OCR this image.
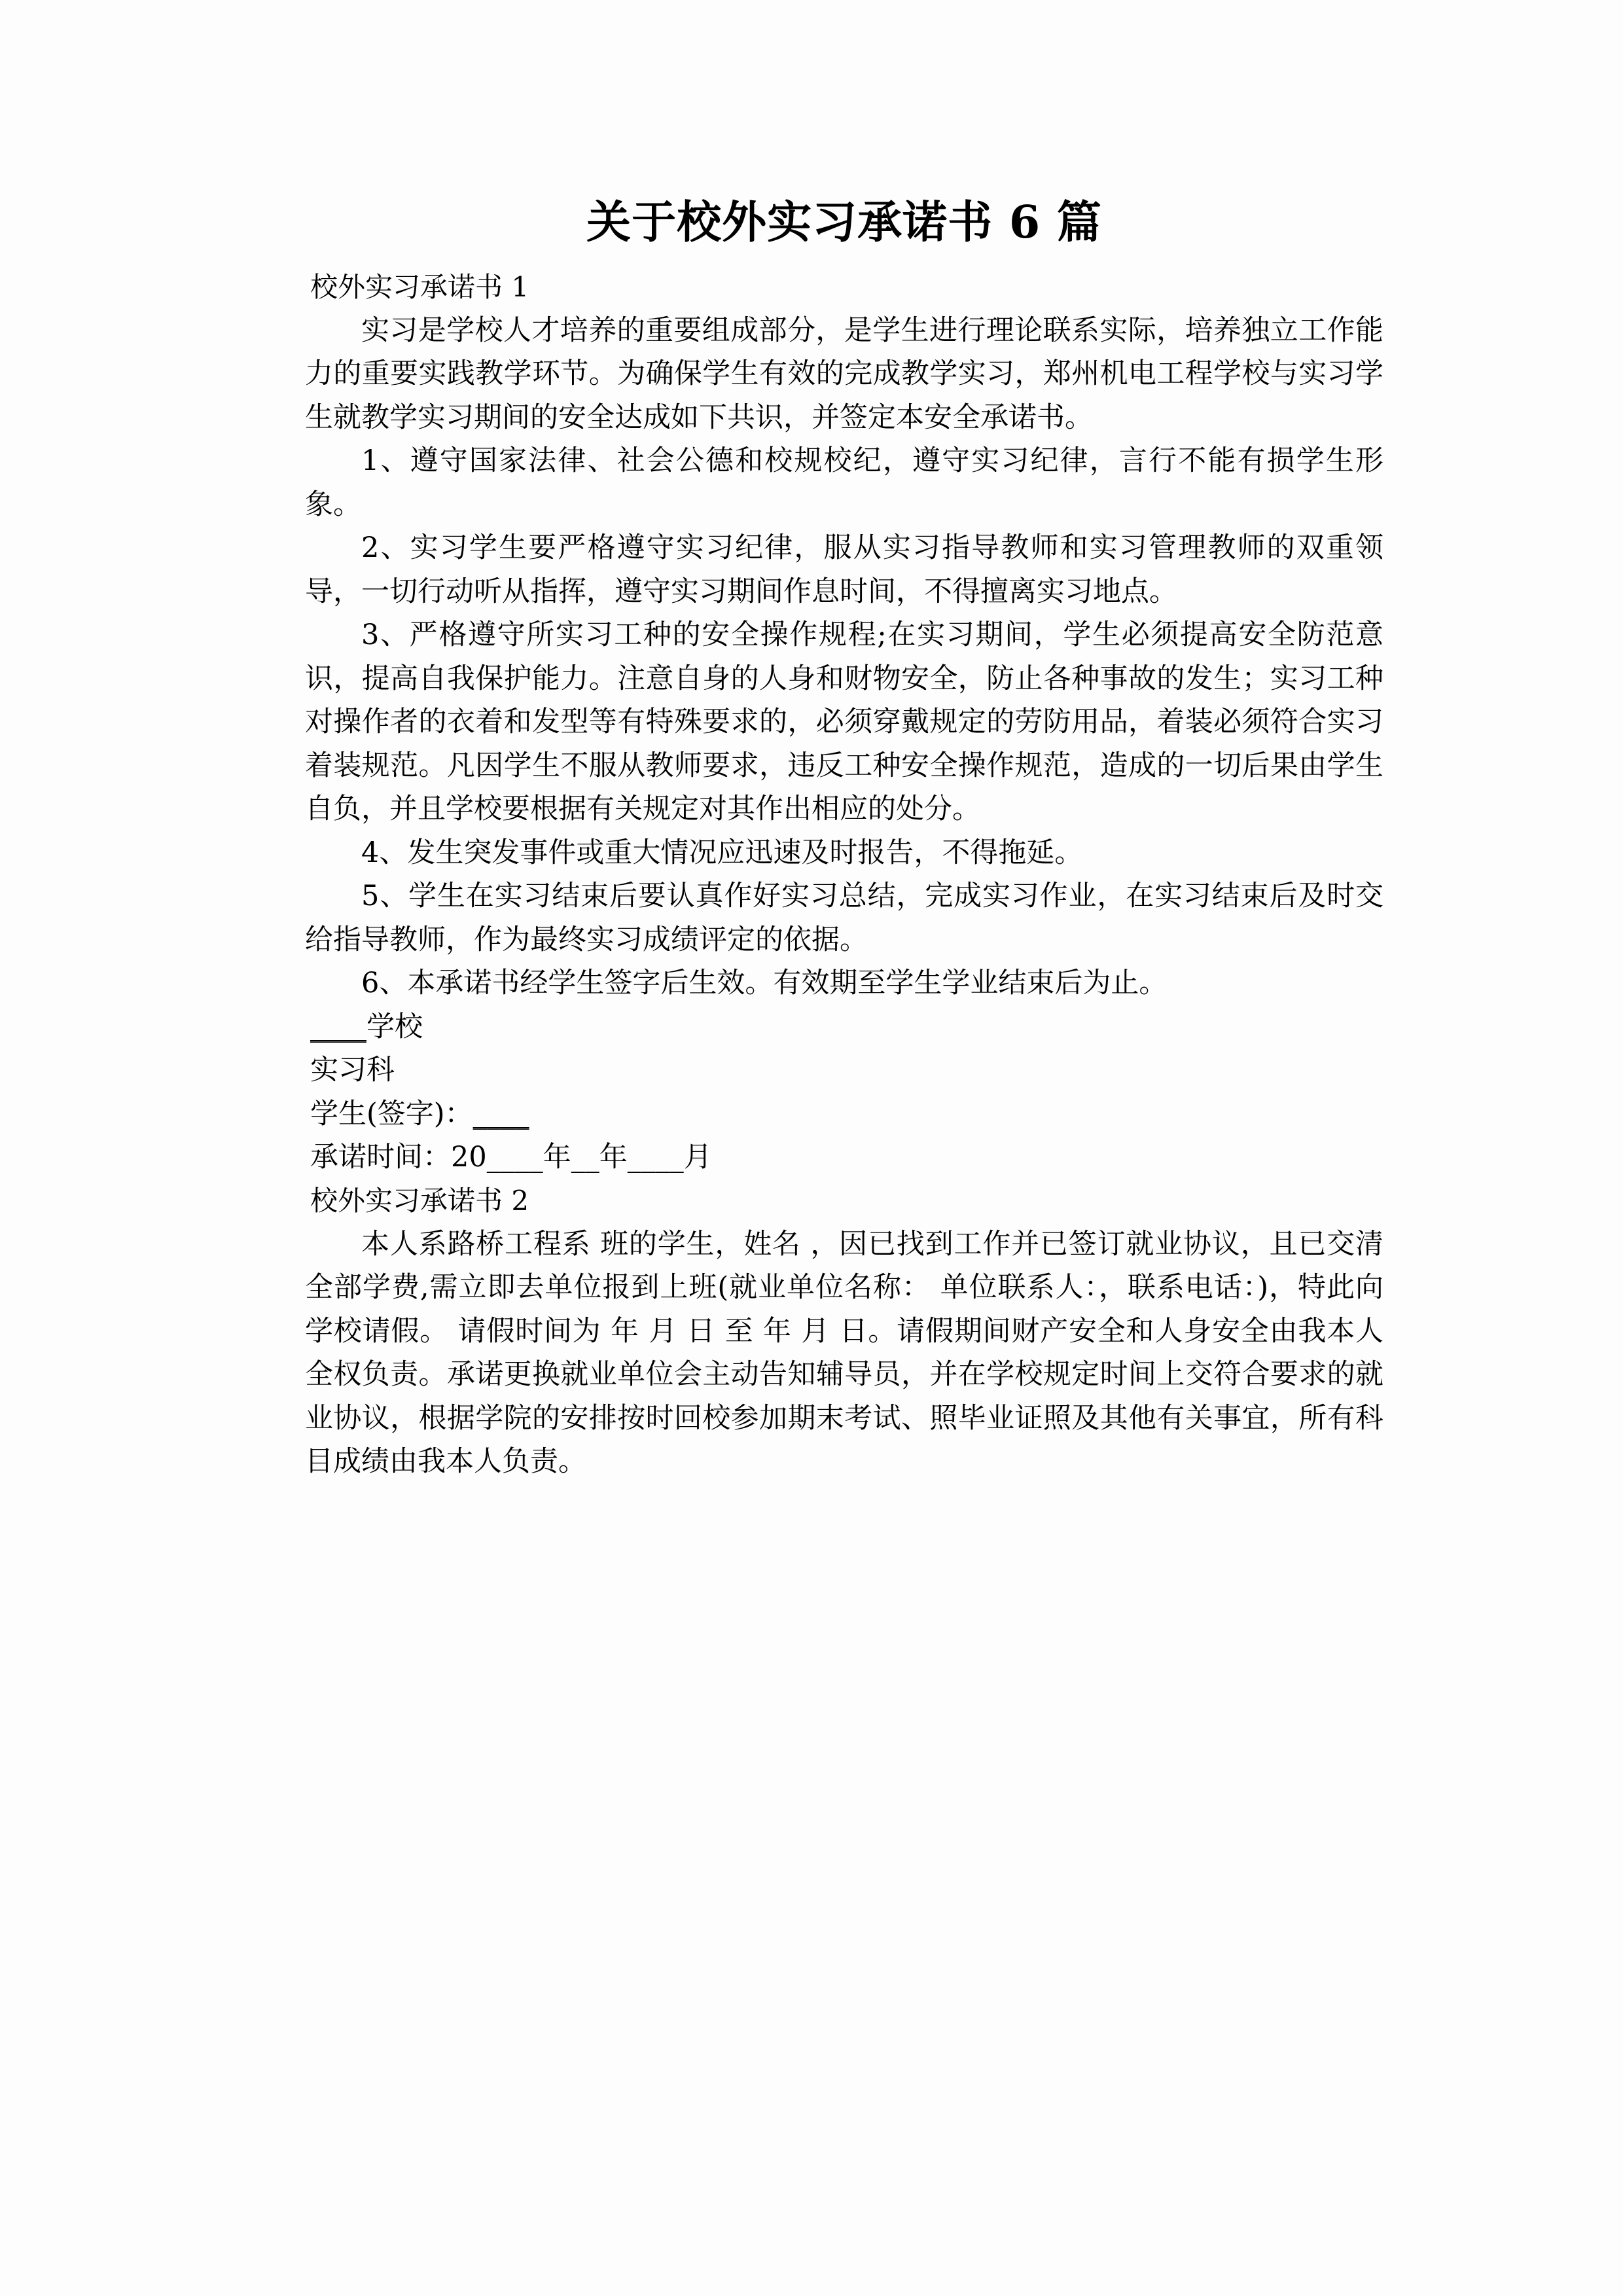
关于校外实习承诺书 6 篇

校外实习承诺书 1

实习是学校人才培养的重要组成部分，是学生进行理论联系实际，培养独立工作能力的重要实践教学环节。为确保学生有效的完成教学实习，郑州机电工程学校与实习学生就教学实习期间的安全达成如下共识，并签定本安全承诺书。

1、遵守国家法律、社会公德和校规校纪，遵守实习纪律，言行不能有损学生形象。

2、实习学生要严格遵守实习纪律，服从实习指导教师和实习管理教师的双重领导，一切行动听从指挥，遵守实习期间作息时间，不得擅离实习地点。

3、严格遵守所实习工种的安全操作规程;在实习期间，学生必须提高安全防范意识，提高自我保护能力。注意自身的人身和财物安全，防止各种事故的发生；实习工种对操作者的衣着和发型等有特殊要求的，必须穿戴规定的劳防用品，着装必须符合实习着装规范。凡因学生不服从教师要求，违反工种安全操作规范，造成的一切后果由学生自负，并且学校要根据有关规定对其作出相应的处分。

4、发生突发事件或重大情况应迅速及时报告，不得拖延。

5、学生在实习结束后要认真作好实习总结，完成实习作业，在实习结束后及时交给指导教师，作为最终实习成绩评定的依据。

6、本承诺书经学生签字后生效。有效期至学生学业结束后为止。

____学校

实习科

学生(签字)：____

承诺时间：20____年__年____月

校外实习承诺书 2

本人系路桥工程系 班的学生，姓名 ，因已找到工作并已签订就业协议，且已交清全部学费,需立即去单位报到上班(就业单位名称： 单位联系人：，联系电话：)，特此向学校请假。 请假时间为 年 月 日 至 年 月 日。请假期间财产安全和人身安全由我本人全权负责。承诺更换就业单位会主动告知辅导员，并在学校规定时间上交符合要求的就业协议，根据学院的安排按时回校参加期末考试、照毕业证照及其他有关事宜，所有科目成绩由我本人负责。
